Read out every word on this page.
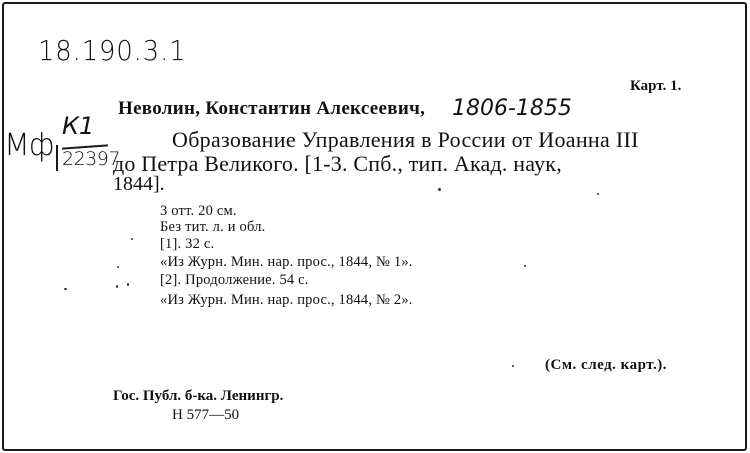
18.190.3.1
1806-1855
Мф
К1
22397
Карт. 1.
Неволин, Константин Алексеевич,
Образование Управления в России от Иоанна III
до Петра Великого. [1-3. Спб., тип. Акад. наук,
1844].
3 отт. 20 см.
Без тит. л. и обл.
[1]. 32 с.
«Из Журн. Мин. нар. прос., 1844, № 1».
[2]. Продолжение. 54 с.
«Из Журн. Мин. нар. прос., 1844, № 2».
(См. след. карт.).
Гос. Публ. б-ка. Ленингр.
Н 577—50
